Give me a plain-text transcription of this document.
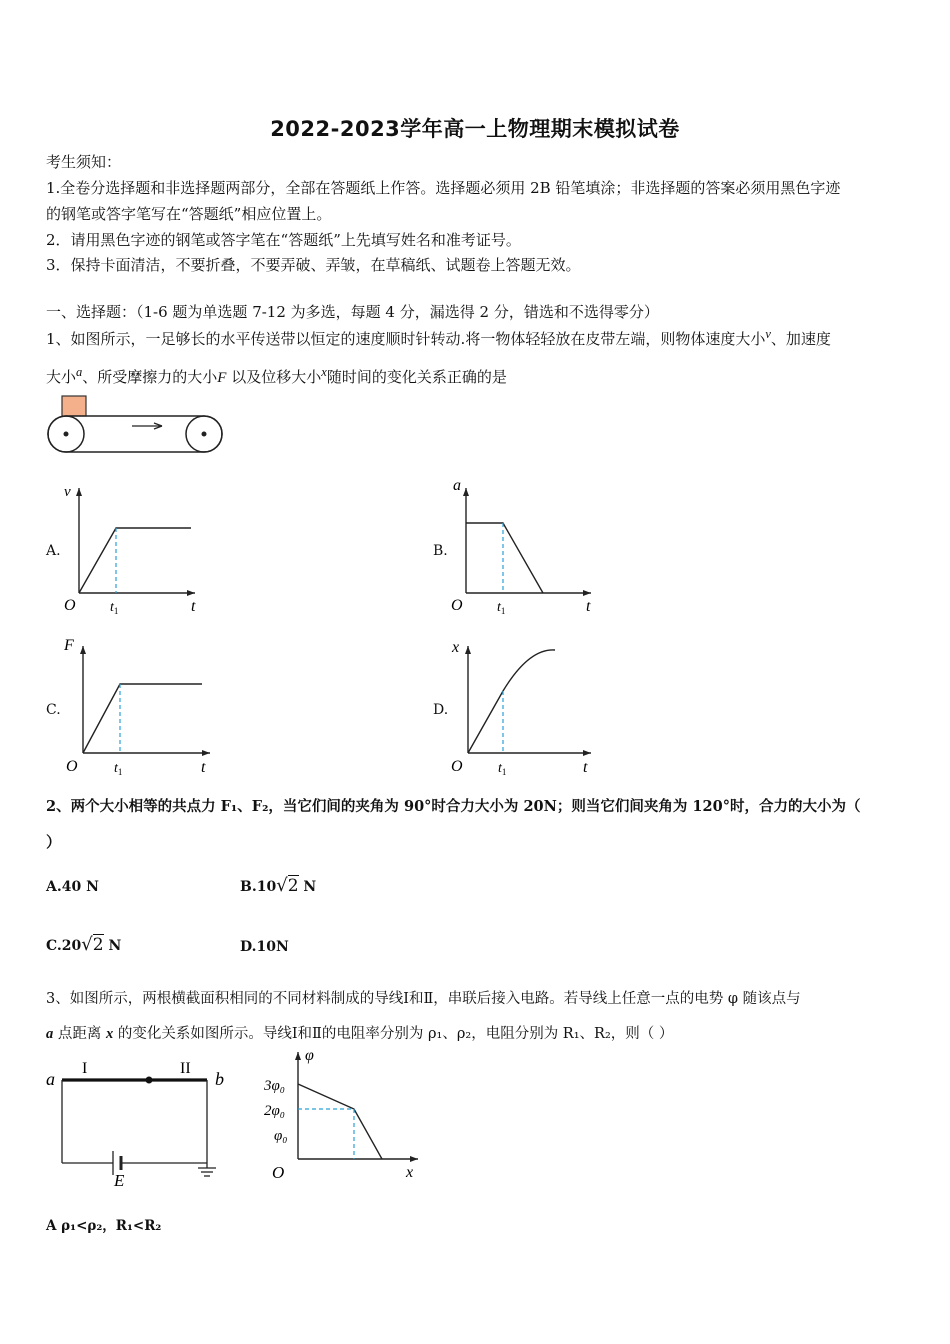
2022-2023学年高一上物理期末模拟试卷
考生须知：
1.全卷分选择题和非选择题两部分，全部在答题纸上作答。选择题必须用 2B 铅笔填涂；非选择题的答案必须用黑色字迹
的钢笔或答字笔写在“答题纸”相应位置上。
2．请用黑色字迹的钢笔或答字笔在“答题纸”上先填写姓名和准考证号。
3．保持卡面清洁，不要折叠，不要弄破、弄皱，在草稿纸、试题卷上答题无效。
一、选择题：（1-6 题为单选题 7-12 为多选，每题 4 分，漏选得 2 分，错选和不选得零分）
1、如图所示，一足够长的水平传送带以恒定的速度顺时针转动.将一物体轻轻放在皮带左端，则物体速度大小$^v$、加速度
大小$^a$、所受摩擦力的大小F 以及位移大小$^x$随时间的变化关系正确的是
A.
v
O	t
$t_1$
B.
a
O	t
$t_1$
C.
F
O	t
$t_1$
D.
x
O	t
$t_1$
2、两个大小相等的共点力 F₁、F₂，当它们间的夹角为 90°时合力大小为 20N；则当它们间夹角为 120°时，合力的大小为（
）
A.40 N	B.10√2 N
C.20√2 N	D.10N
3、如图所示，两根横截面积相同的不同材料制成的导线Ⅰ和Ⅱ，串联后接入电路。若导线上任意一点的电势 φ 随该点与
a 点距离 x 的变化关系如图所示。导线Ⅰ和Ⅱ的电阻率分别为 ρ₁、ρ₂，电阻分别为 R₁、R₂，则（ ）
a	b
I	II
E
φ
3φ₀
2φ₀
φ₀
O	x
A ρ₁<ρ₂，R₁<R₂
